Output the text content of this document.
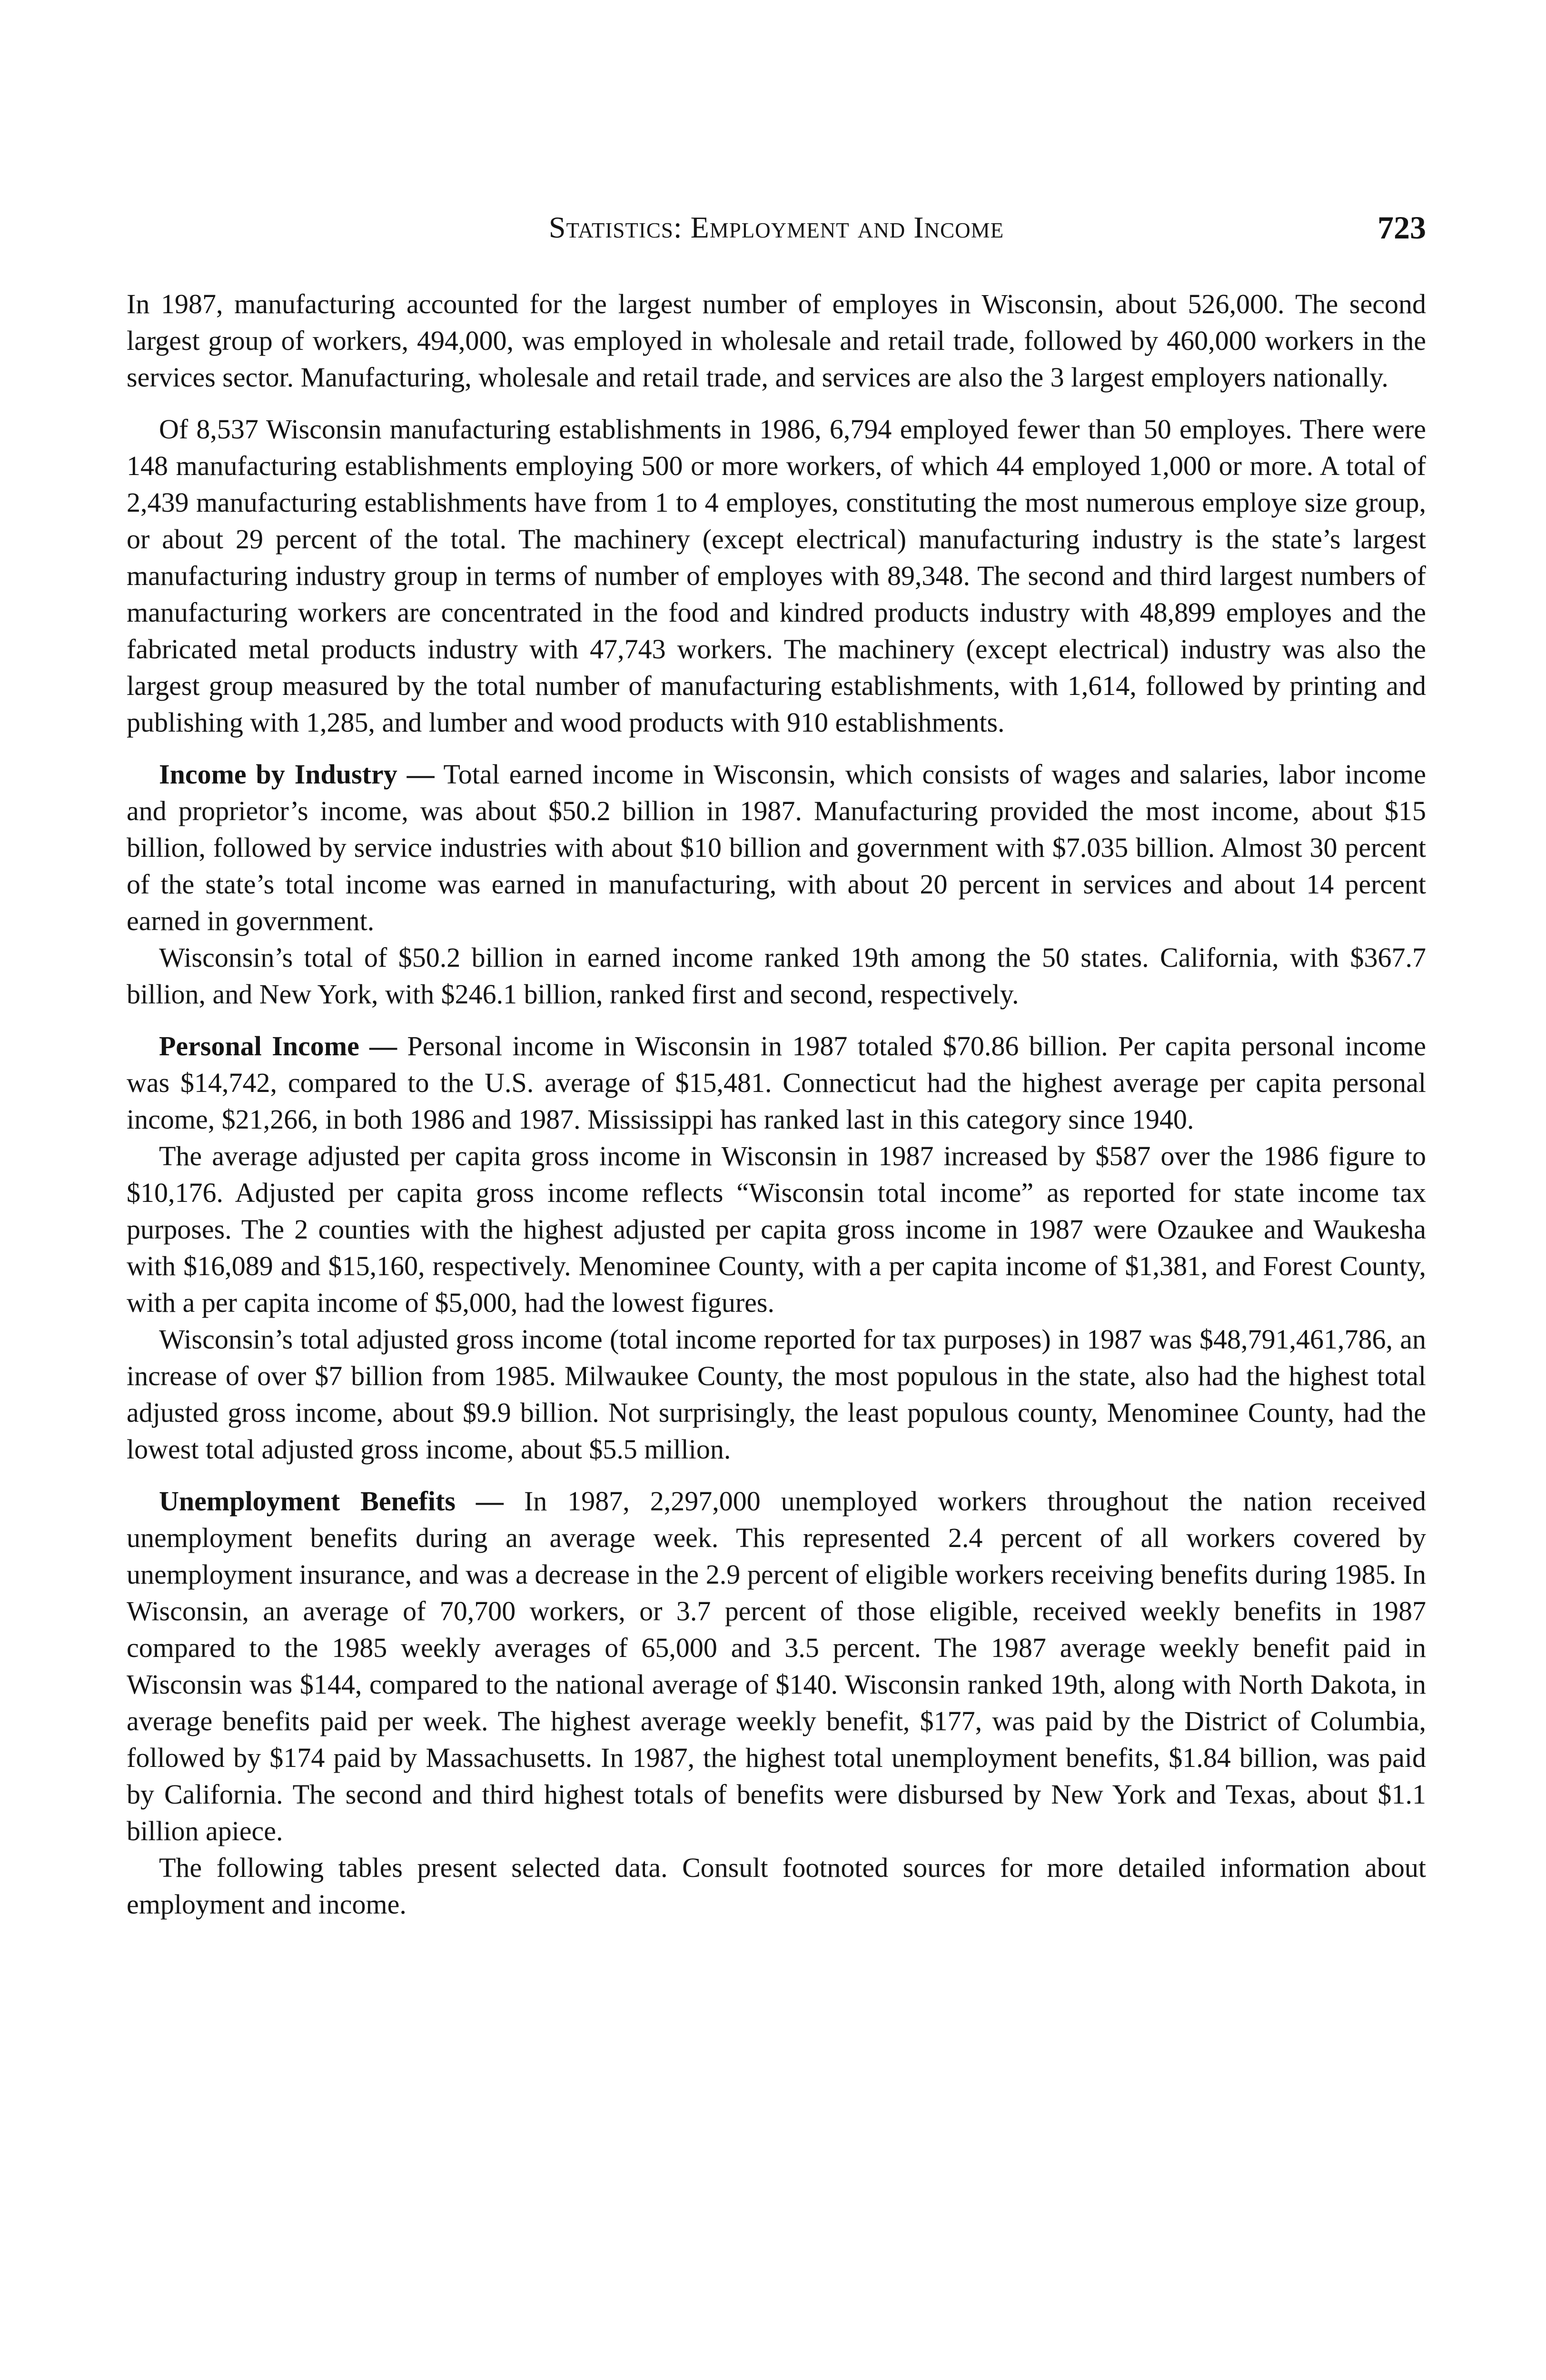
Statistics: Employment and Income	723

In 1987, manufacturing accounted for the largest number of employes in Wisconsin, about 526,000. The second largest group of workers, 494,000, was employed in wholesale and retail trade, followed by 460,000 workers in the services sector. Manufacturing, wholesale and retail trade, and services are also the 3 largest employers nationally.

Of 8,537 Wisconsin manufacturing establishments in 1986, 6,794 employed fewer than 50 employes. There were 148 manufacturing establishments employing 500 or more workers, of which 44 employed 1,000 or more. A total of 2,439 manufacturing establishments have from 1 to 4 employes, constituting the most numerous employe size group, or about 29 percent of the total. The machinery (except electrical) manufacturing industry is the state’s largest manufacturing industry group in terms of number of employes with 89,348. The second and third largest numbers of manufacturing workers are concentrated in the food and kindred products industry with 48,899 employes and the fabricated metal products industry with 47,743 workers. The machinery (except electrical) industry was also the largest group measured by the total number of manufacturing establishments, with 1,614, followed by printing and publishing with 1,285, and lumber and wood products with 910 establishments.

Income by Industry — Total earned income in Wisconsin, which consists of wages and salaries, labor income and proprietor’s income, was about $50.2 billion in 1987. Manufacturing provided the most income, about $15 billion, followed by service industries with about $10 billion and government with $7.035 billion. Almost 30 percent of the state’s total income was earned in manufacturing, with about 20 percent in services and about 14 percent earned in government.

Wisconsin’s total of $50.2 billion in earned income ranked 19th among the 50 states. California, with $367.7 billion, and New York, with $246.1 billion, ranked first and second, respectively.

Personal Income — Personal income in Wisconsin in 1987 totaled $70.86 billion. Per capita personal income was $14,742, compared to the U.S. average of $15,481. Connecticut had the highest average per capita personal income, $21,266, in both 1986 and 1987. Mississippi has ranked last in this category since 1940.

The average adjusted per capita gross income in Wisconsin in 1987 increased by $587 over the 1986 figure to $10,176. Adjusted per capita gross income reflects “Wisconsin total income” as reported for state income tax purposes. The 2 counties with the highest adjusted per capita gross income in 1987 were Ozaukee and Waukesha with $16,089 and $15,160, respectively. Menominee County, with a per capita income of $1,381, and Forest County, with a per capita income of $5,000, had the lowest figures.

Wisconsin’s total adjusted gross income (total income reported for tax purposes) in 1987 was $48,791,461,786, an increase of over $7 billion from 1985. Milwaukee County, the most populous in the state, also had the highest total adjusted gross income, about $9.9 billion. Not surprisingly, the least populous county, Menominee County, had the lowest total adjusted gross income, about $5.5 million.

Unemployment Benefits — In 1987, 2,297,000 unemployed workers throughout the nation received unemployment benefits during an average week. This represented 2.4 percent of all workers covered by unemployment insurance, and was a decrease in the 2.9 percent of eligible workers receiving benefits during 1985. In Wisconsin, an average of 70,700 workers, or 3.7 percent of those eligible, received weekly benefits in 1987 compared to the 1985 weekly averages of 65,000 and 3.5 percent. The 1987 average weekly benefit paid in Wisconsin was $144, compared to the national average of $140. Wisconsin ranked 19th, along with North Dakota, in average benefits paid per week. The highest average weekly benefit, $177, was paid by the District of Columbia, followed by $174 paid by Massachusetts. In 1987, the highest total unemployment benefits, $1.84 billion, was paid by California. The second and third highest totals of benefits were disbursed by New York and Texas, about $1.1 billion apiece.

The following tables present selected data. Consult footnoted sources for more detailed information about employment and income.
